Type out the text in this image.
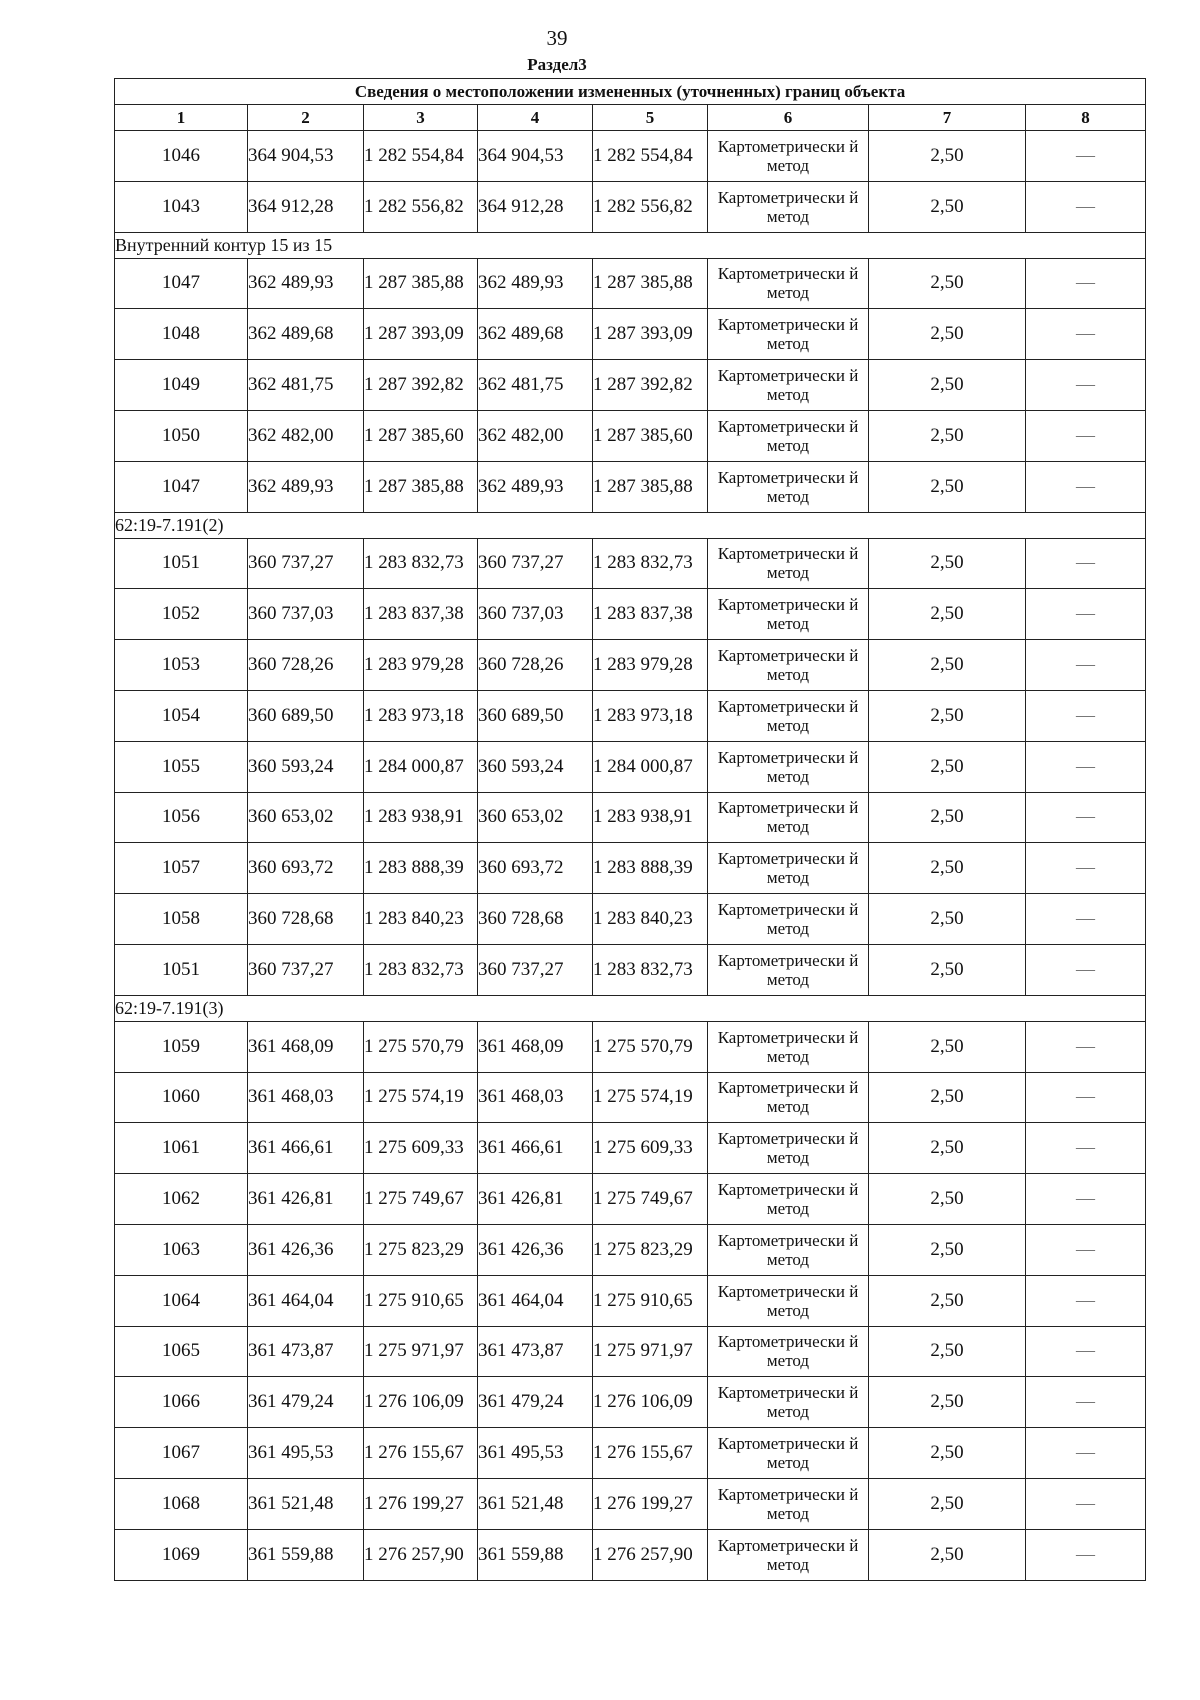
39
Раздел3
Сведения о местоположении измененных (уточненных) границ объекта							
1	2	3	4	5	6	7	8
1046	364 904,53	1 282 554,84	364 904,53	1 282 554,84	Картометрически й метод	2,50	—
1043	364 912,28	1 282 556,82	364 912,28	1 282 556,82	Картометрически й метод	2,50	—
Внутренний контур 15 из 15							
1047	362 489,93	1 287 385,88	362 489,93	1 287 385,88	Картометрически й метод	2,50	—
1048	362 489,68	1 287 393,09	362 489,68	1 287 393,09	Картометрически й метод	2,50	—
1049	362 481,75	1 287 392,82	362 481,75	1 287 392,82	Картометрически й метод	2,50	—
1050	362 482,00	1 287 385,60	362 482,00	1 287 385,60	Картометрически й метод	2,50	—
1047	362 489,93	1 287 385,88	362 489,93	1 287 385,88	Картометрически й метод	2,50	—
62:19-7.191(2)							
1051	360 737,27	1 283 832,73	360 737,27	1 283 832,73	Картометрически й метод	2,50	—
1052	360 737,03	1 283 837,38	360 737,03	1 283 837,38	Картометрически й метод	2,50	—
1053	360 728,26	1 283 979,28	360 728,26	1 283 979,28	Картометрически й метод	2,50	—
1054	360 689,50	1 283 973,18	360 689,50	1 283 973,18	Картометрически й метод	2,50	—
1055	360 593,24	1 284 000,87	360 593,24	1 284 000,87	Картометрически й метод	2,50	—
1056	360 653,02	1 283 938,91	360 653,02	1 283 938,91	Картометрически й метод	2,50	—
1057	360 693,72	1 283 888,39	360 693,72	1 283 888,39	Картометрически й метод	2,50	—
1058	360 728,68	1 283 840,23	360 728,68	1 283 840,23	Картометрически й метод	2,50	—
1051	360 737,27	1 283 832,73	360 737,27	1 283 832,73	Картометрически й метод	2,50	—
62:19-7.191(3)							
1059	361 468,09	1 275 570,79	361 468,09	1 275 570,79	Картометрически й метод	2,50	—
1060	361 468,03	1 275 574,19	361 468,03	1 275 574,19	Картометрически й метод	2,50	—
1061	361 466,61	1 275 609,33	361 466,61	1 275 609,33	Картометрически й метод	2,50	—
1062	361 426,81	1 275 749,67	361 426,81	1 275 749,67	Картометрически й метод	2,50	—
1063	361 426,36	1 275 823,29	361 426,36	1 275 823,29	Картометрически й метод	2,50	—
1064	361 464,04	1 275 910,65	361 464,04	1 275 910,65	Картометрически й метод	2,50	—
1065	361 473,87	1 275 971,97	361 473,87	1 275 971,97	Картометрически й метод	2,50	—
1066	361 479,24	1 276 106,09	361 479,24	1 276 106,09	Картометрически й метод	2,50	—
1067	361 495,53	1 276 155,67	361 495,53	1 276 155,67	Картометрически й метод	2,50	—
1068	361 521,48	1 276 199,27	361 521,48	1 276 199,27	Картометрически й метод	2,50	—
1069	361 559,88	1 276 257,90	361 559,88	1 276 257,90	Картометрически й метод	2,50	—
